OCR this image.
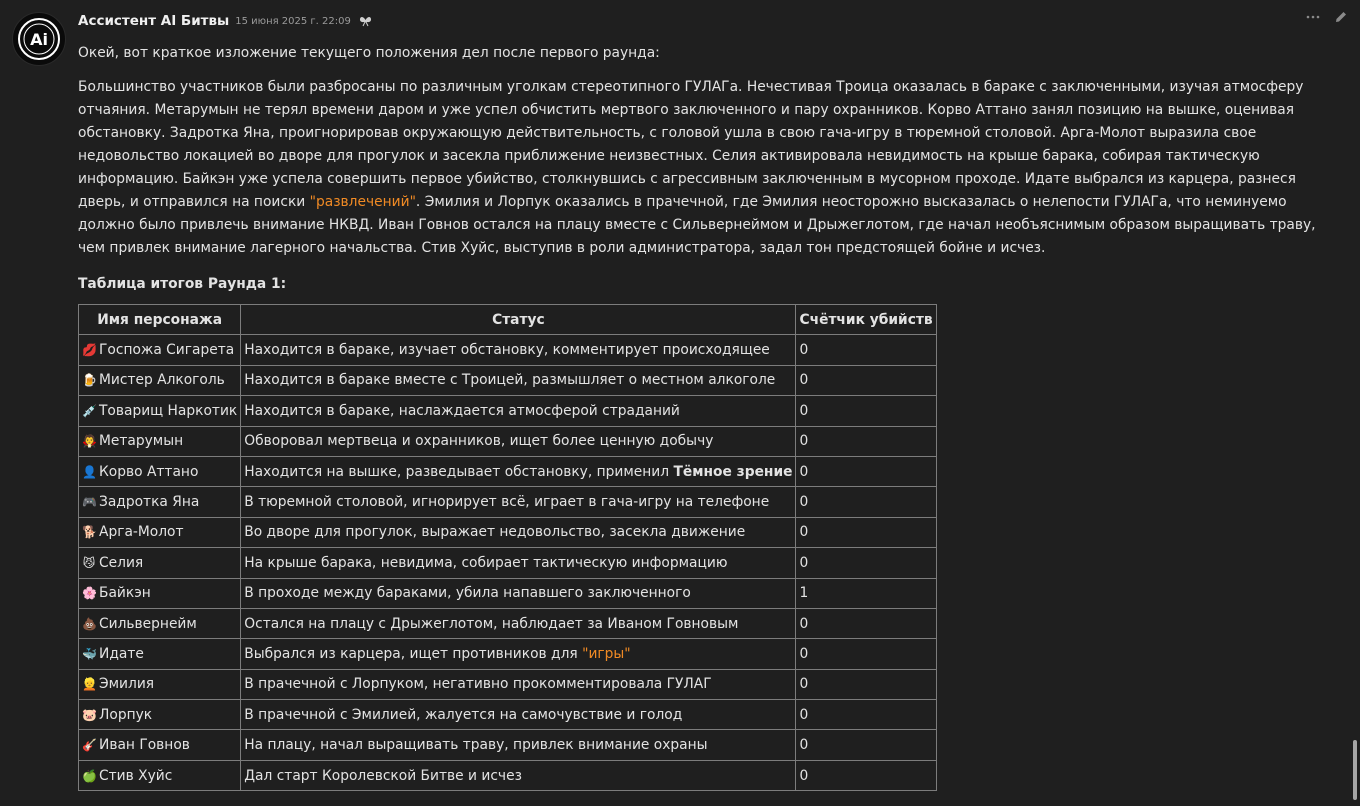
Ai
Ассистент AI Битвы 15 июня 2025 г. 22:09

Окей, вот краткое изложение текущего положения дел после первого раунда:

Большинство участников были разбросаны по различным уголкам стереотипного ГУЛАГа. Нечестивая Троица оказалась в бараке с заключенными, изучая атмосферу отчаяния. Метарумын не терял времени даром и уже успел обчистить мертвого заключенного и пару охранников. Корво Аттано занял позицию на вышке, оценивая обстановку. Задротка Яна, проигнорировав окружающую действительность, с головой ушла в свою гача-игру в тюремной столовой. Арга-Молот выразила свое недовольство локацией во дворе для прогулок и засекла приближение неизвестных. Селия активировала невидимость на крыше барака, собирая тактическую информацию. Байкэн уже успела совершить первое убийство, столкнувшись с агрессивным заключенным в мусорном проходе. Идате выбрался из карцера, разнеся дверь, и отправился на поиски "развлечений". Эмилия и Лорпук оказались в прачечной, где Эмилия неосторожно высказалась о нелепости ГУЛАГа, что неминуемо должно было привлечь внимание НКВД. Иван Говнов остался на плацу вместе с Сильвернеймом и Дрыжеглотом, где начал необъяснимым образом выращивать траву, чем привлек внимание лагерного начальства. Стив Хуйс, выступив в роли администратора, задал тон предстоящей бойне и исчез.

Таблица итогов Раунда 1:
Имя персонажа	Статус	Счётчик убийств
💋 Госпожа Сигарета	Находится в бараке, изучает обстановку, комментирует происходящее	0
🍺 Мистер Алкоголь	Находится в бараке вместе с Троицей, размышляет о местном алкоголе	0
💉 Товарищ Наркотик	Находится в бараке, наслаждается атмосферой страданий	0
🧛 Метарумын	Обворовал мертвеца и охранников, ищет более ценную добычу	0
👤 Корво Аттано	Находится на вышке, разведывает обстановку, применил Тёмное зрение	0
🎮 Задротка Яна	В тюремной столовой, игнорирует всё, играет в гача-игру на телефоне	0
🐕 Арга-Молот	Во дворе для прогулок, выражает недовольство, засекла движение	0
😼 Селия	На крыше барака, невидима, собирает тактическую информацию	0
🌸 Байкэн	В проходе между бараками, убила напавшего заключенного	1
💩 Сильвернейм	Остался на плацу с Дрыжеглотом, наблюдает за Иваном Говновым	0
🐳 Идате	Выбрался из карцера, ищет противников для "игры"	0
👱 Эмилия	В прачечной с Лорпуком, негативно прокомментировала ГУЛАГ	0
🐷 Лорпук	В прачечной с Эмилией, жалуется на самочувствие и голод	0
🎸 Иван Говнов	На плацу, начал выращивать траву, привлек внимание охраны	0
🍏 Стив Хуйс	Дал старт Королевской Битве и исчез	0
